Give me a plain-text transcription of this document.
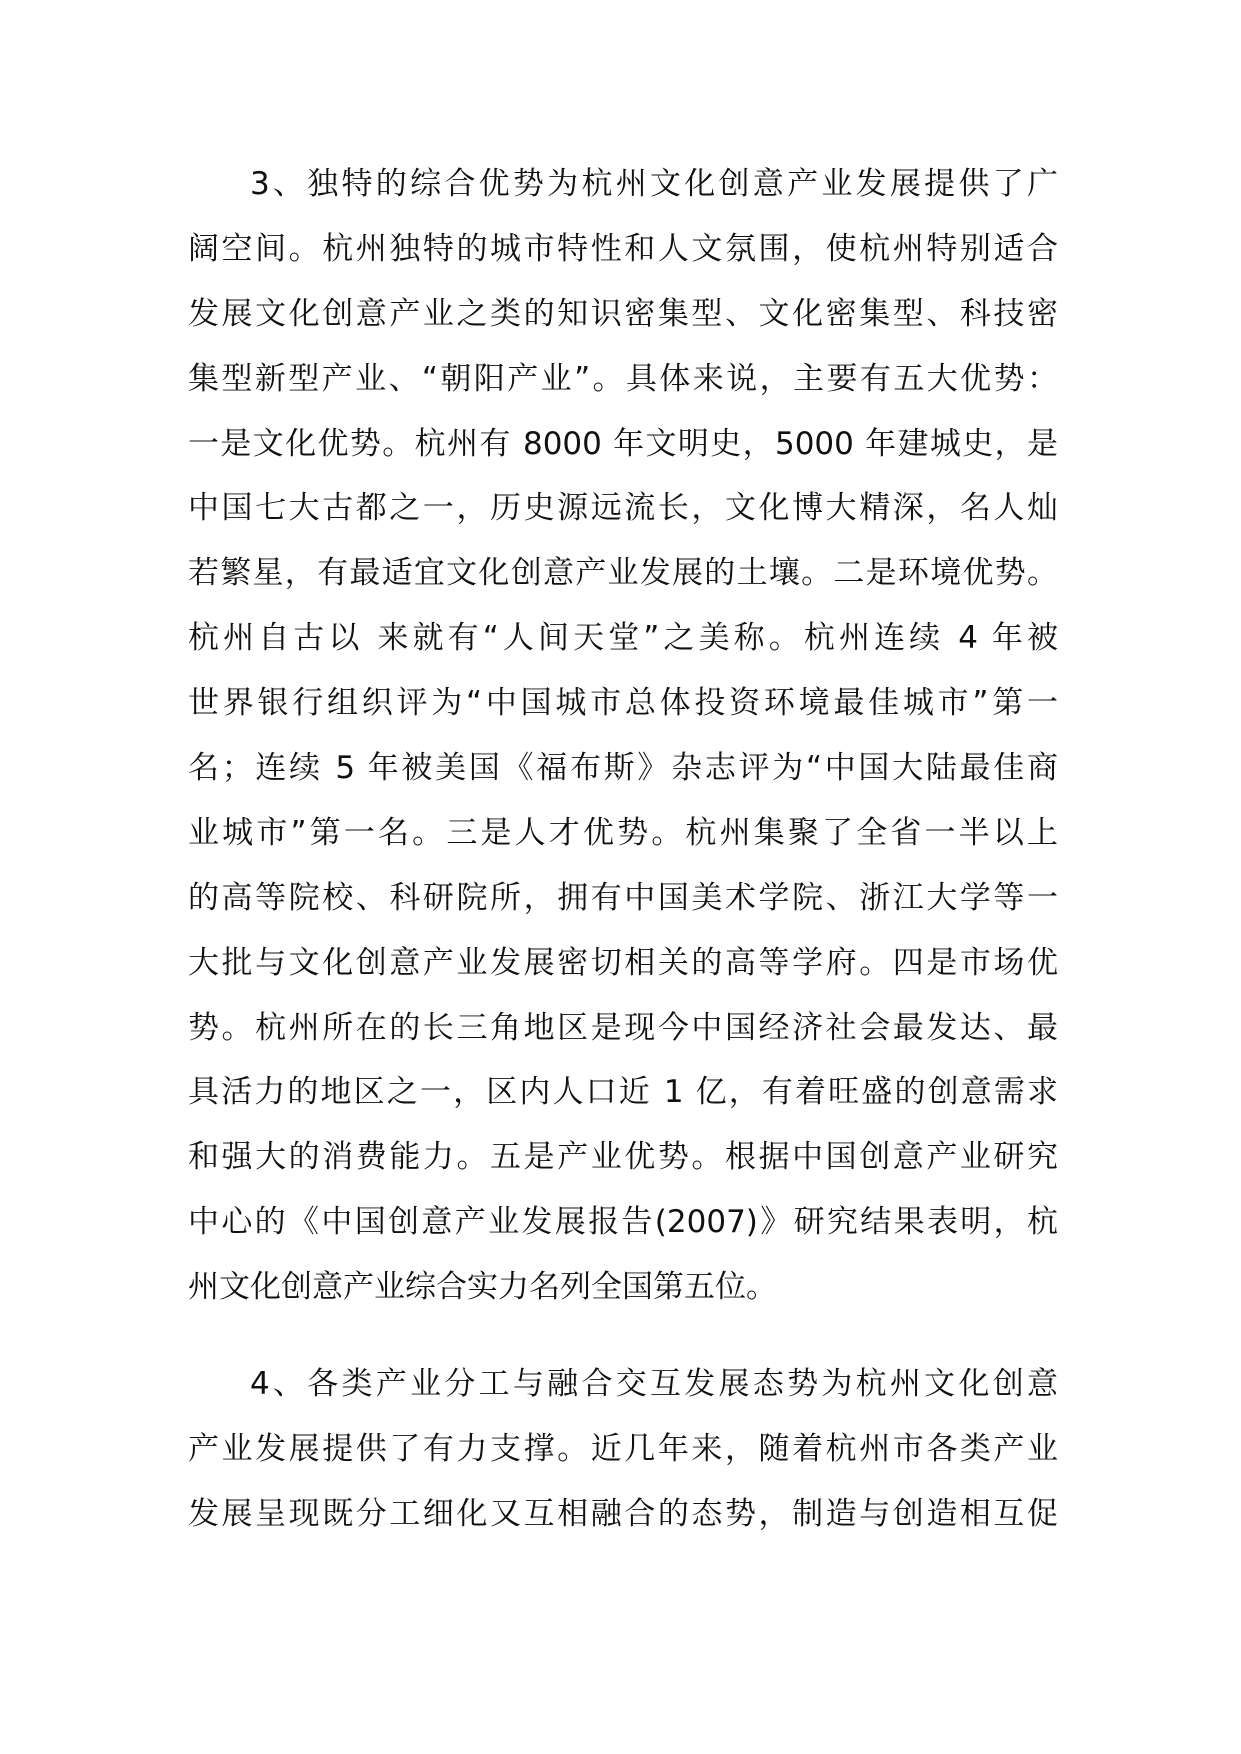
3、独特的综合优势为杭州文化创意产业发展提供了广
阔空间。杭州独特的城市特性和人文氛围，使杭州特别适合
发展文化创意产业之类的知识密集型、文化密集型、科技密
集型新型产业、“朝阳产业”。具体来说，主要有五大优势：
一是文化优势。杭州有 8000 年文明史，5000 年建城史，是
中国七大古都之一，历史源远流长，文化博大精深，名人灿
若繁星，有最适宜文化创意产业发展的土壤。二是环境优势。
杭州自古以 来就有“人间天堂”之美称。杭州连续 4 年被
世界银行组织评为“中国城市总体投资环境最佳城市”第一
名；连续 5 年被美国《福布斯》杂志评为“中国大陆最佳商
业城市”第一名。三是人才优势。杭州集聚了全省一半以上
的高等院校、科研院所，拥有中国美术学院、浙江大学等一
大批与文化创意产业发展密切相关的高等学府。四是市场优
势。杭州所在的长三角地区是现今中国经济社会最发达、最
具活力的地区之一，区内人口近 1 亿，有着旺盛的创意需求
和强大的消费能力。五是产业优势。根据中国创意产业研究
中心的《中国创意产业发展报告(2007)》研究结果表明，杭
州文化创意产业综合实力名列全国第五位。
4、各类产业分工与融合交互发展态势为杭州文化创意
产业发展提供了有力支撑。近几年来，随着杭州市各类产业
发展呈现既分工细化又互相融合的态势，制造与创造相互促
